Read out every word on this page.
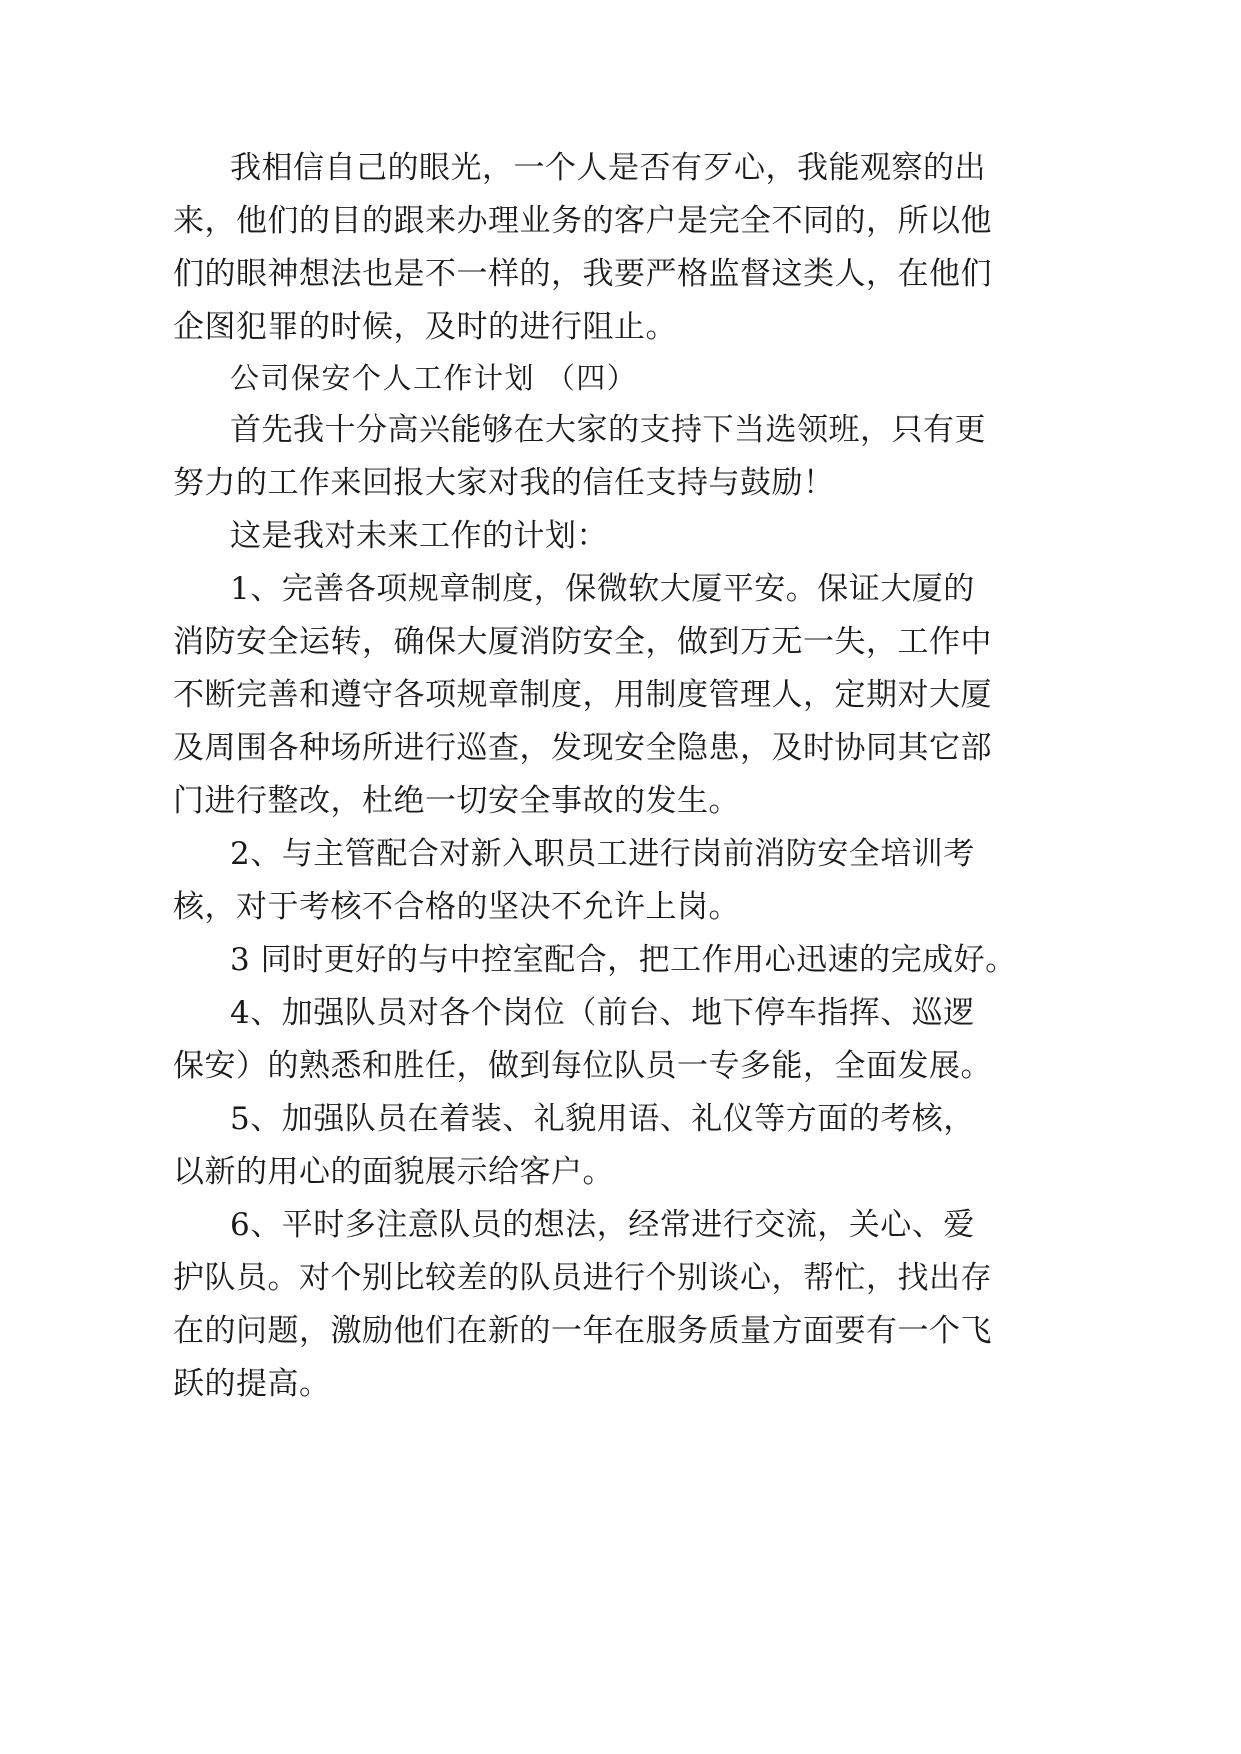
我相信自己的眼光，一个人是否有歹心，我能观察的出
来，他们的目的跟来办理业务的客户是完全不同的，所以他
们的眼神想法也是不一样的，我要严格监督这类人，在他们
企图犯罪的时候，及时的进行阻止。
公司保安个人工作计划 （四）
首先我十分高兴能够在大家的支持下当选领班，只有更
努力的工作来回报大家对我的信任支持与鼓励！
这是我对未来工作的计划：
1、完善各项规章制度，保微软大厦平安。保证大厦的
消防安全运转，确保大厦消防安全，做到万无一失，工作中
不断完善和遵守各项规章制度，用制度管理人，定期对大厦
及周围各种场所进行巡查，发现安全隐患，及时协同其它部
门进行整改，杜绝一切安全事故的发生。
2、与主管配合对新入职员工进行岗前消防安全培训考
核，对于考核不合格的坚决不允许上岗。
3 同时更好的与中控室配合，把工作用心迅速的完成好。
4、加强队员对各个岗位（前台、地下停车指挥、巡逻
保安）的熟悉和胜任，做到每位队员一专多能，全面发展。
5、加强队员在着装、礼貌用语、礼仪等方面的考核，
以新的用心的面貌展示给客户。
6、平时多注意队员的想法，经常进行交流，关心、爱
护队员。对个别比较差的队员进行个别谈心，帮忙，找出存
在的问题，激励他们在新的一年在服务质量方面要有一个飞
跃的提高。
